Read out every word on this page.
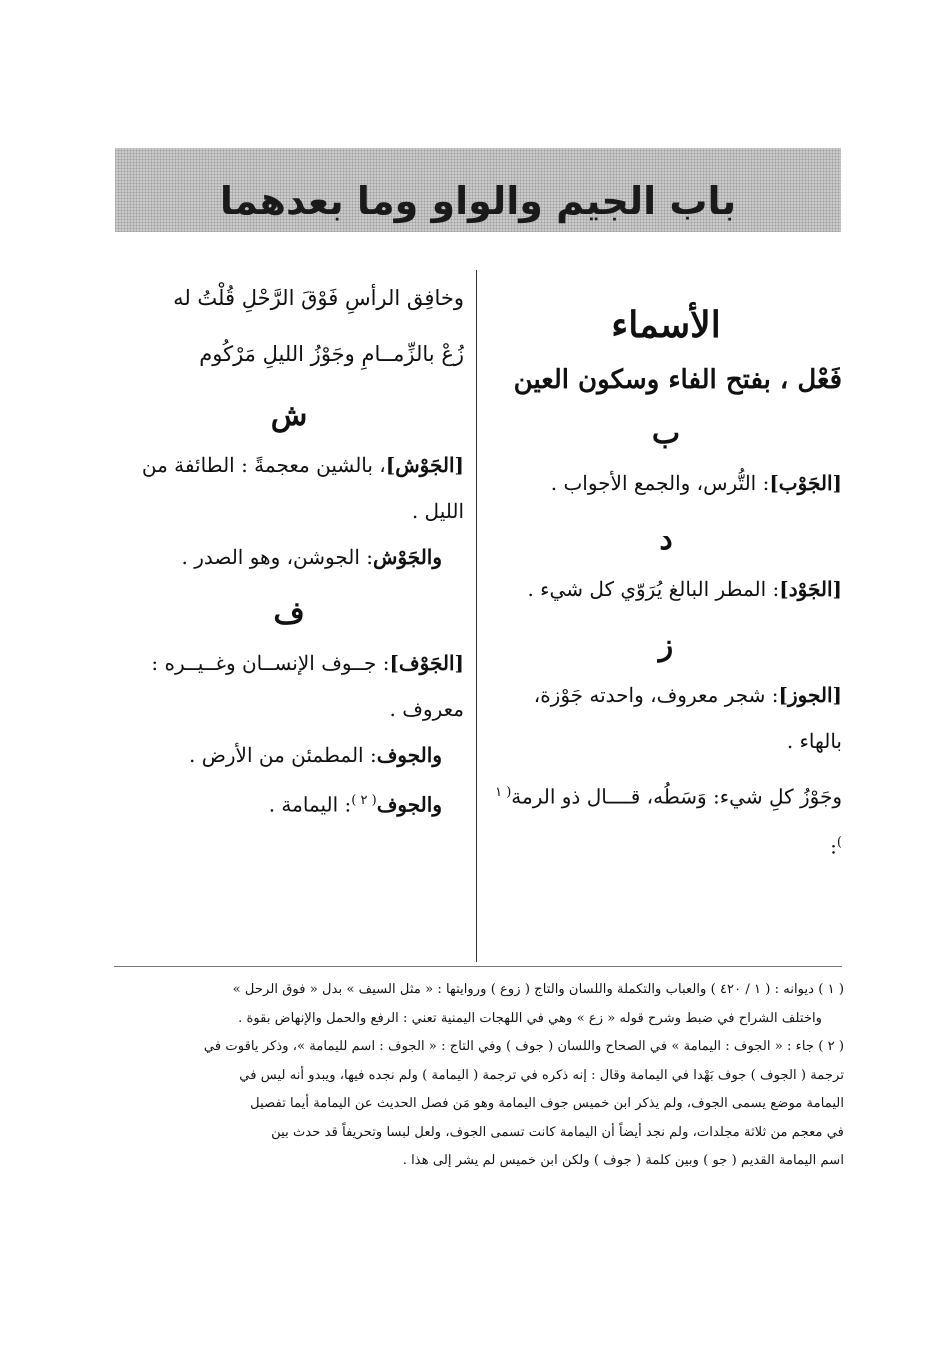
باب الجيم والواو وما بعدهما
الأسماء
فَعْل ، بفتح الفاء وسكون العين
ب

[الجَوْب]: التُّرس، والجمع الأجواب .

د

[الجَوْد]: المطر البالغ يُرَوّي كل شيء .

ز

[الجوز]: شجر معروف، واحدته جَوْزة، بالهاء .

وجَوْزُ كلِ شيء: وَسَطُه، قــــال ذو الرمة$^{( ١ )}$:

وخافِق الرأسِ فَوْقَ الرَّحْلِ قُلْتُ له

زُعْ بالزِّمــامِ وجَوْزُ الليلِ مَرْكُوم

ش

[الجَوْش]، بالشين معجمةً : الطائفة من الليل .

والجَوْش: الجوشن، وهو الصدر .

ف

[الجَوْف]: جــوف الإنســان وغــيــره : معروف .

والجوف: المطمئن من الأرض .

والجوف$^{( ٢ )}$: اليمامة .

( ١ ) ديوانه : ( ١ / ٤٢٠ ) والعباب والتكملة واللسان والتاج ( زوع ) وروايتها : « مثل السيف » بدل « فوق الرحل »

واختلف الشراح في ضبط وشرح قوله « زع » وهي في اللهجات اليمنية تعني : الرفع والحمل والإنهاض بقوة .

( ٢ ) جاء : « الجوف : اليمامة » في الصحاح واللسان ( جوف ) وفي التاج : « الجوف : اسم لليمامة »، وذكر ياقوت في

ترجمة ( الجوف ) جوف بَهْدا في اليمامة وقال : إنه ذكره في ترجمة ( اليمامة ) ولم نجده فيها، ويبدو أنه ليس في

اليمامة موضع يسمى الجوف، ولم يذكر ابن خميس جوف اليمامة وهو مَن فصل الحديث عن اليمامة أيما تفصيل

في معجم من ثلاثة مجلدات، ولم نجد أيضاً أن اليمامة كانت تسمى الجوف، ولعل لبسا وتحريفاً قد حدث بين

اسم اليمامة القديم ( جو ) وبين كلمة ( جوف ) ولكن ابن خميس لم يشر إلى هذا .
